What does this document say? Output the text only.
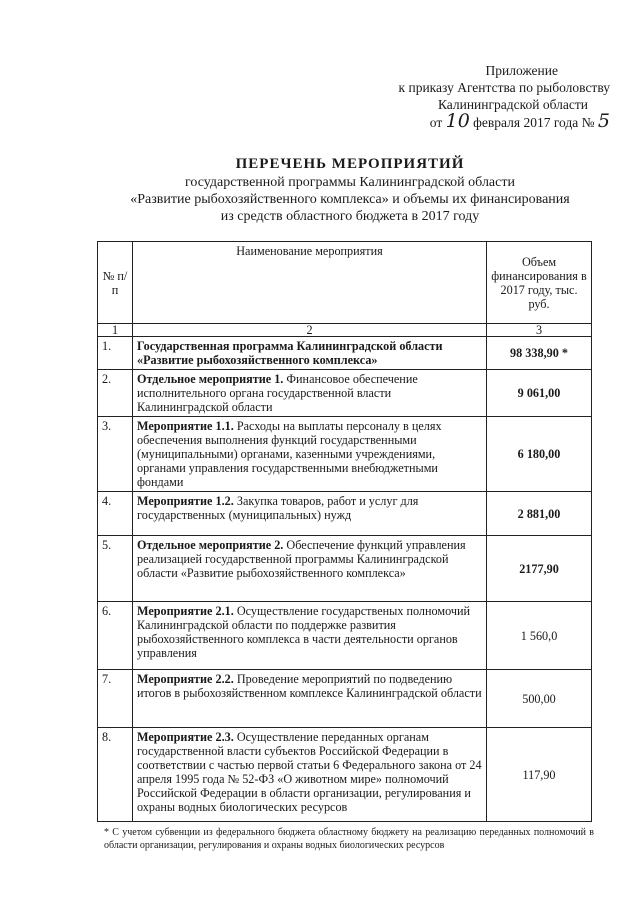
Приложение
к приказу Агентства по рыболовству
Калининградской области
от 10 февраля 2017 года № 5
ПЕРЕЧЕНЬ МЕРОПРИЯТИЙ
государственной программы Калининградской области
«Развитие рыбохозяйственного комплекса» и объемы их финансирования
из средств областного бюджета в 2017 году
№ п/п	Наименование мероприятия	Объем финансирования в 2017 году, тыс. руб.
1	2	3
1.	Государственная программа Калининградской области «Развитие рыбохозяйственного комплекса»	98 338,90 *
2.	Отдельное мероприятие 1. Финансовое обеспечение исполнительного органа государственной власти Калининградской области	9 061,00
3.	Мероприятие 1.1. Расходы на выплаты персоналу в целях обеспечения выполнения функций государственными (муниципальными) органами, казенными учреждениями, органами управления государственными внебюджетными фондами	6 180,00
4.	Мероприятие 1.2. Закупка товаров, работ и услуг для государственных (муниципальных) нужд	2 881,00
5.	Отдельное мероприятие 2. Обеспечение функций управления реализацией государственной программы Калининградской области «Развитие рыбохозяйственного комплекса»	2177,90
6.	Мероприятие 2.1. Осуществление государственых полномочий Калининградской области по поддержке развития рыбохозяйственного комплекса в части деятельности органов управления	1 560,0
7.	Мероприятие 2.2. Проведение мероприятий по подведению итогов в рыбохозяйственном комплексе Калининградской области	500,00
8.	Мероприятие 2.3. Осуществление переданных органам государственной власти субъектов Российской Федерации в соответствии с частью первой статьи 6 Федерального закона от 24 апреля 1995 года № 52-ФЗ «О животном мире» полномочий Российской Федерации в области организации, регулирования и охраны водных биологических ресурсов	117,90
* С учетом субвенции из федерального бюджета областному бюджету на реализацию переданных полномочий в области организации, регулирования и охраны водных биологических ресурсов
